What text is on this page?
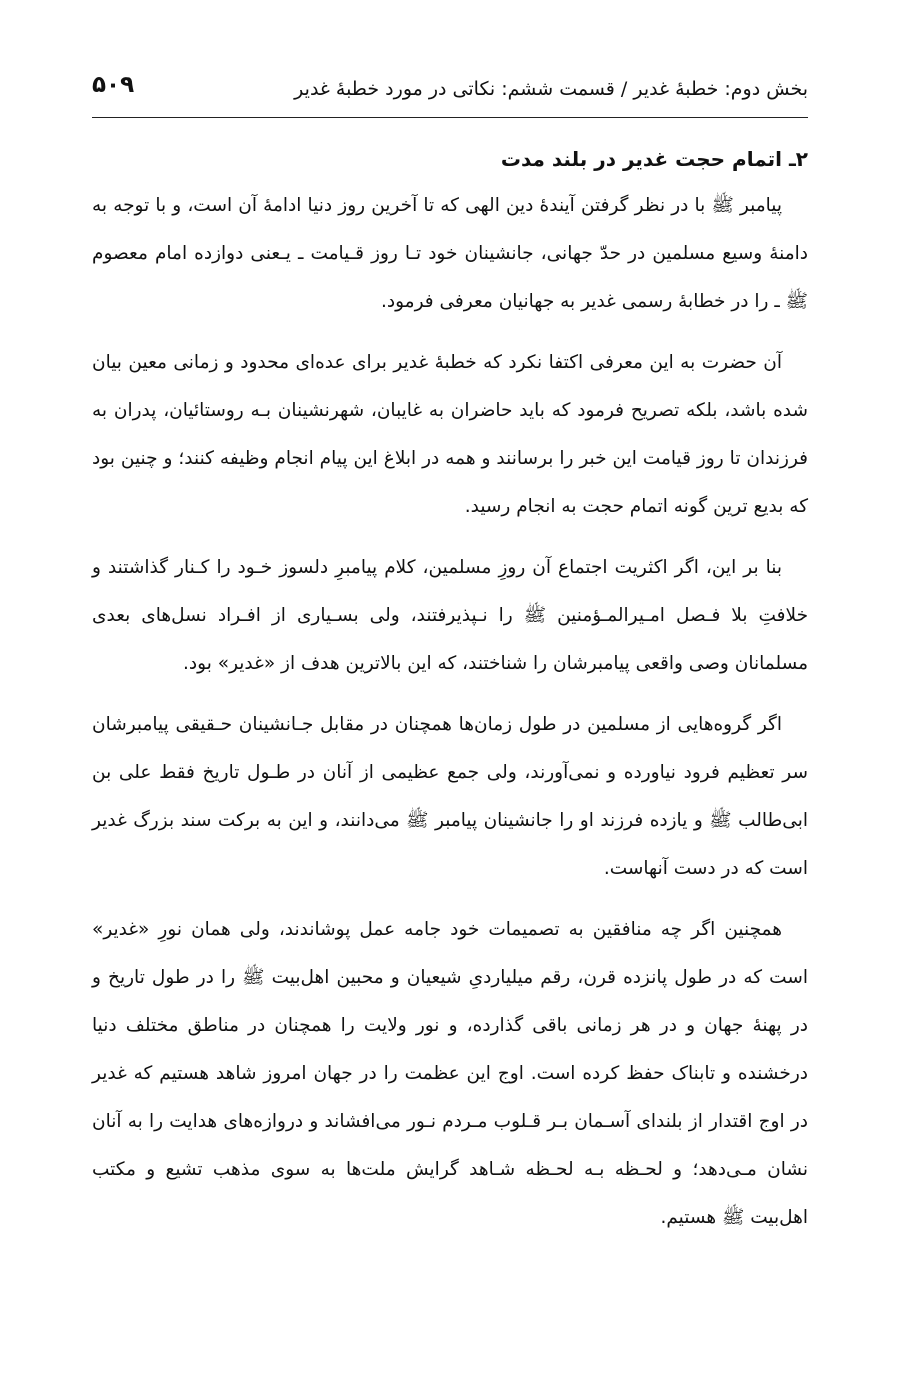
بخش دوم: خطبۀ غدیر / قسمت ششم: نکاتی در مورد خطبۀ غدیر
۵۰۹
۲ـ اتمام حجت غدیر در بلند مدت

پیامبر ﷺ با در نظر گرفتن آیندۀ دین الهی که تا آخرین روز دنیا ادامۀ آن است، و با توجه به دامنۀ وسیع مسلمین در حدّ جهانی، جانشینان خود تـا روز قـیامت ـ یـعنی دوازده امام معصوم ﷺ ـ را در خطابۀ رسمی غدیر به جهانیان معرفی فرمود.

آن حضرت به این معرفی اکتفا نکرد که خطبۀ غدیر برای عده‌ای محدود و زمانی معین بیان شده باشد، بلکه تصریح فرمود که باید حاضران به غایبان، شهرنشینان بـه روستائیان، پدران به فرزندان تا روز قیامت این خبر را برسانند و همه در ابلاغ این پیام انجام وظیفه کنند؛ و چنین بود که بدیع ترین گونه اتمام حجت به انجام رسید.

بنا بر این، اگر اکثریت اجتماع آن روزِ مسلمین، کلام پیامبرِ دلسوز خـود را کـنار گذاشتند و خلافتِ بلا فـصل امـیرالمـؤمنین ﷺ را نـپذیرفتند، ولی بسـیاری از افـراد نسل‌های بعدی مسلمانان وصی واقعی پیامبرشان را شناختند، که این بالاترین هدف از «غدیر» بود.

اگر گروه‌هایی از مسلمین در طول زمان‌ها همچنان در مقابل جـانشینان حـقیقی پیامبرشان سر تعظیم فرود نیاورده و نمی‌آورند، ولی جمع عظیمی از آنان در طـول تاریخ فقط علی بن ابی‌طالب ﷺ و یازده فرزند او را جانشینان پیامبر ﷺ می‌دانند، و این به برکت سند بزرگ غدیر است که در دست آنهاست.

همچنین اگر چه منافقین به تصمیمات خود جامه عمل پوشاندند، ولی همان نورِ «غدیر» است که در طول پانزده قرن، رقم میلیاردیِ شیعیان و محبین اهل‌بیت ﷺ را در طول تاریخ و در پهنۀ جهان و در هر زمانی باقی گذارده، و نور ولایت را همچنان در مناطق مختلف دنیا درخشنده و تابناک حفظ کرده است. اوج این عظمت را در جهان امروز شاهد هستیم که غدیر در اوج اقتدار از بلندای آسـمان بـر قـلوب مـردم نـور می‌افشاند و دروازه‌های هدایت را به آنان نشان مـی‌دهد؛ و لحـظه بـه لحـظه شـاهد گرایش ملت‌ها به سوی مذهب تشیع و مکتب اهل‌بیت ﷺ هستیم.
